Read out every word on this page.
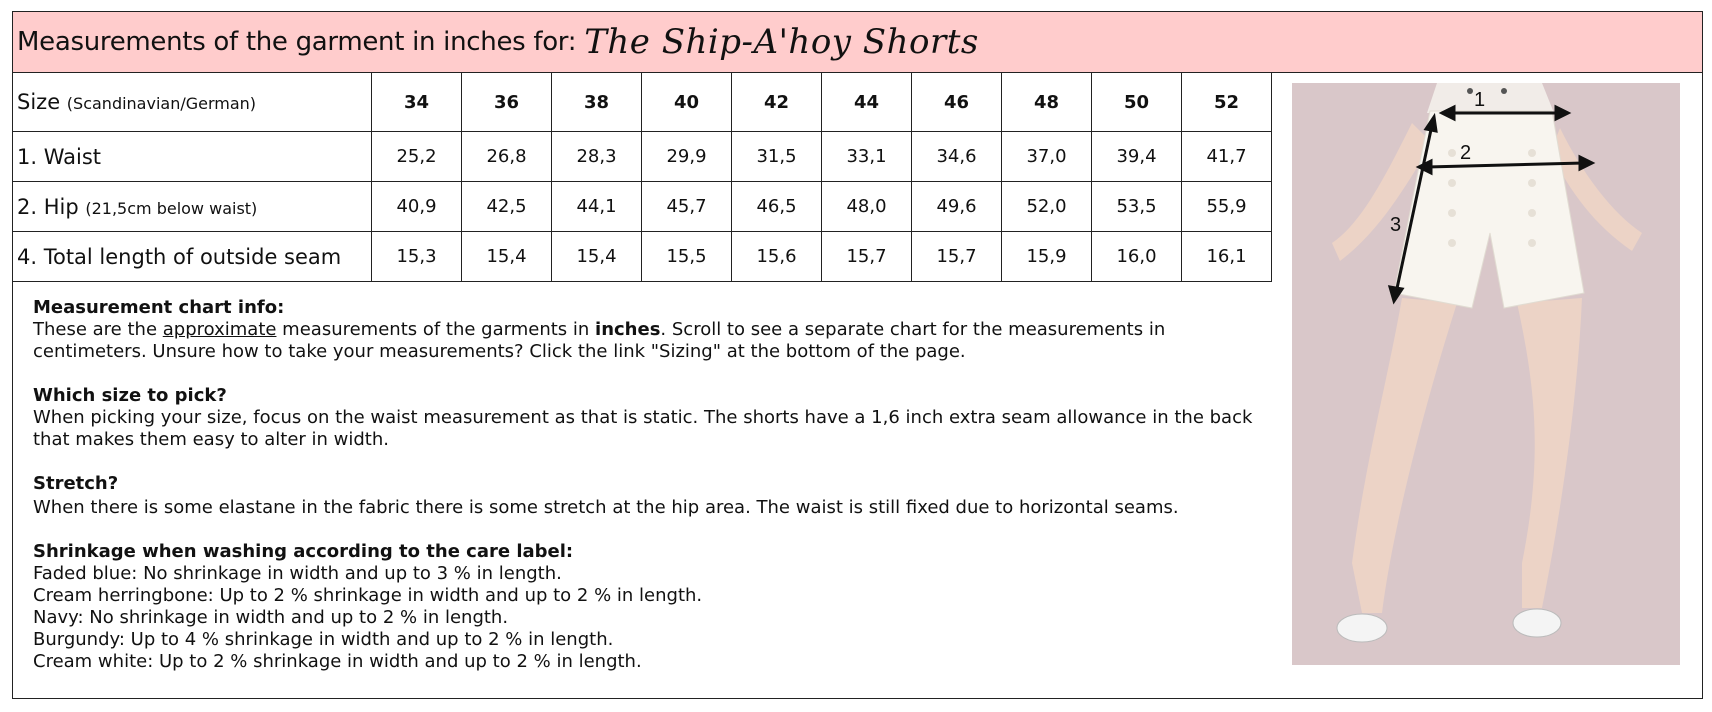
Measurements of the garment in inches for: The Ship-A'hoy Shorts
Size (Scandinavian/German)	34	36	38	40	42	44	46	48	50	52
1. Waist	25,2	26,8	28,3	29,9	31,5	33,1	34,6	37,0	39,4	41,7
2. Hip (21,5cm below waist)	40,9	42,5	44,1	45,7	46,5	48,0	49,6	52,0	53,5	55,9
4. Total length of outside seam	15,3	15,4	15,4	15,5	15,6	15,7	15,7	15,9	16,0	16,1
Measurement chart info:
These are the approximate measurements of the garments in inches. Scroll to see a separate chart for the measurements in centimeters. Unsure how to take your measurements? Click the link "Sizing" at the bottom of the page.
Which size to pick?
When picking your size, focus on the waist measurement as that is static. The shorts have a 1,6 inch extra seam allowance in the back that makes them easy to alter in width.
Stretch?
When there is some elastane in the fabric there is some stretch at the hip area. The waist is still fixed due to horizontal seams.
Shrinkage when washing according to the care label:
Faded blue: No shrinkage in width and up to 3 % in length.
Cream herringbone: Up to 2 % shrinkage in width and up to 2 % in length.
Navy: No shrinkage in width and up to 2 % in length.
Burgundy: Up to 4 % shrinkage in width and up to 2 % in length.
Cream white: Up to 2 % shrinkage in width and up to 2 % in length.
1
2
3
